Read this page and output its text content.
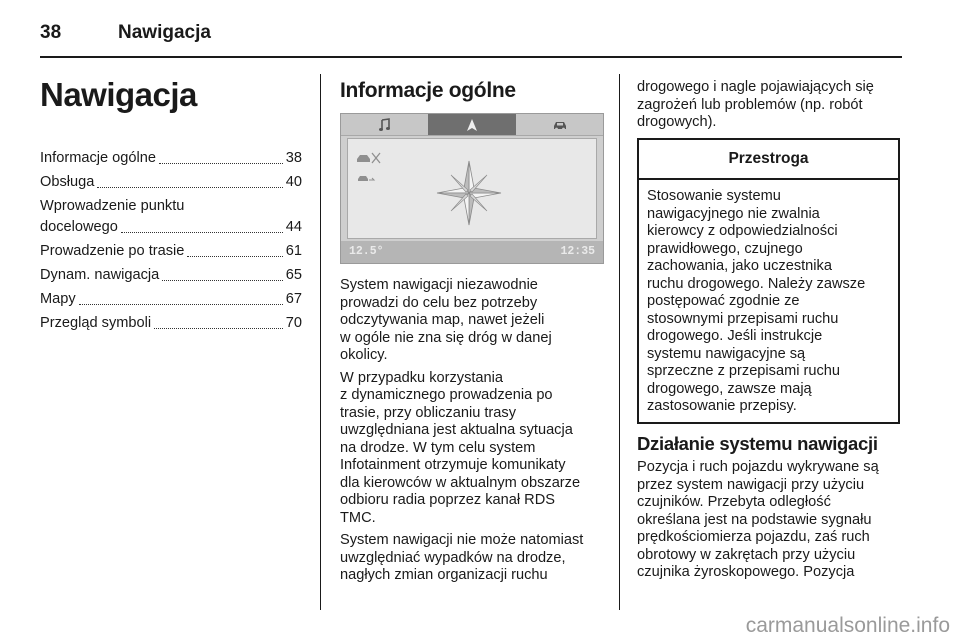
38	Nawigacja
Nawigacja
Informacje ogólne	38
Obsługa	40
Wprowadzenie punktu
docelowego	44
Prowadzenie po trasie	61
Dynam. nawigacja	65
Mapy	67
Przegląd symboli	70
Informacje ogólne
12.5°	12:35

System nawigacji niezawodnie
prowadzi do celu bez potrzeby
odczytywania map, nawet jeżeli
w ogóle nie zna się dróg w danej
okolicy.

W przypadku korzystania
z dynamicznego prowadzenia po
trasie, przy obliczaniu trasy
uwzględniana jest aktualna sytuacja
na drodze. W tym celu system
Infotainment otrzymuje komunikaty
dla kierowców w aktualnym obszarze
odbioru radia poprzez kanał RDS
TMC.

System nawigacji nie może natomiast
uwzględniać wypadków na drodze,
nagłych zmian organizacji ruchu

drogowego i nagle pojawiających się
zagrożeń lub problemów (np. robót
drogowych).
Przestroga
Stosowanie systemu
nawigacyjnego nie zwalnia
kierowcy z odpowiedzialności
prawidłowego, czujnego
zachowania, jako uczestnika
ruchu drogowego. Należy zawsze
postępować zgodnie ze
stosownymi przepisami ruchu
drogowego. Jeśli instrukcje
systemu nawigacyjne są
sprzeczne z przepisami ruchu
drogowego, zawsze mają
zastosowanie przepisy.
Działanie systemu nawigacji
Pozycja i ruch pojazdu wykrywane są
przez system nawigacji przy użyciu
czujników. Przebyta odległość
określana jest na podstawie sygnału
prędkościomierza pojazdu, zaś ruch
obrotowy w zakrętach przy użyciu
czujnika żyroskopowego. Pozycja
carmanualsonline.info
